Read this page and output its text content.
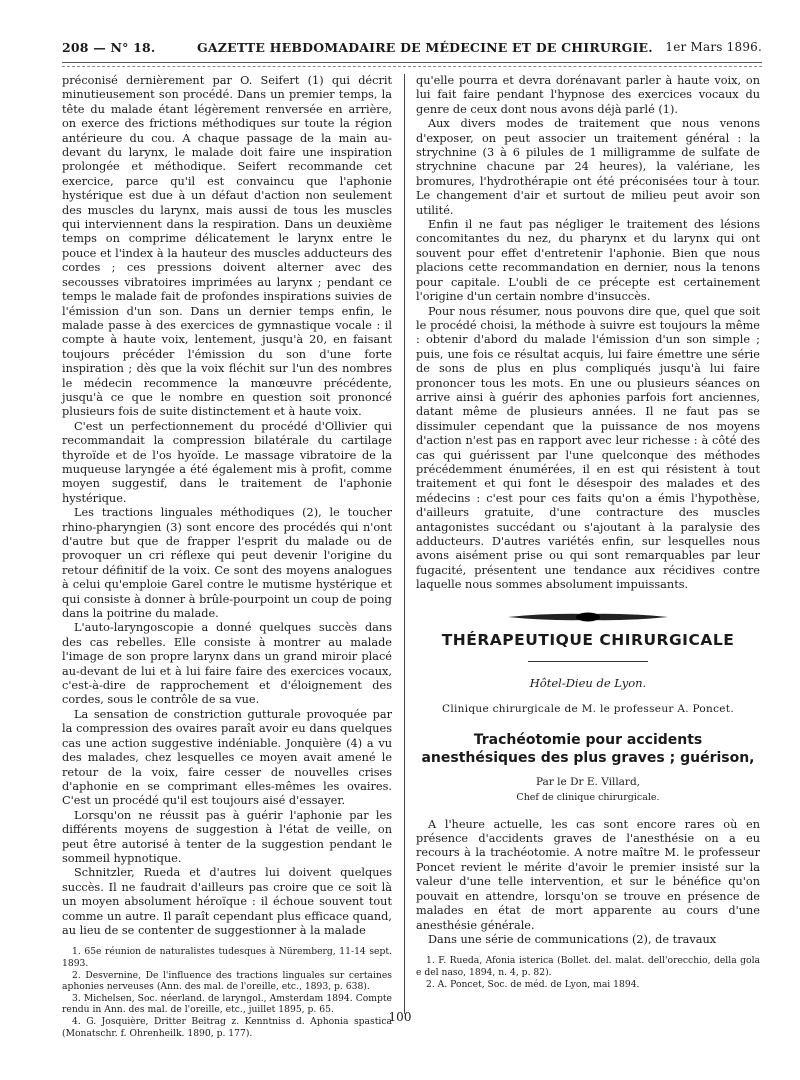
208 — N° 18.	GAZETTE HEBDOMADAIRE DE MÉDECINE ET DE CHIRURGIE. 1er Mars 1896.

préconisé dernièrement par O. Seifert (1) qui décrit minutieusement son procédé. Dans un premier temps, la tête du malade étant légèrement renversée en arrière, on exerce des frictions méthodiques sur toute la région antérieure du cou. A chaque passage de la main au-devant du larynx, le malade doit faire une inspiration prolongée et méthodique. Seifert recommande cet exercice, parce qu'il est convaincu que l'aphonie hystérique est due à un défaut d'action non seulement des muscles du larynx, mais aussi de tous les muscles qui interviennent dans la respiration. Dans un deuxième temps on comprime délicatement le larynx entre le pouce et l'index à la hauteur des muscles adducteurs des cordes ; ces pressions doivent alterner avec des secousses vibratoires imprimées au larynx ; pendant ce temps le malade fait de profondes inspirations suivies de l'émission d'un son. Dans un dernier temps enfin, le malade passe à des exercices de gymnastique vocale : il compte à haute voix, lentement, jusqu'à 20, en faisant toujours précéder l'émission du son d'une forte inspiration ; dès que la voix fléchit sur l'un des nombres le médecin recommence la manœuvre précédente, jusqu'à ce que le nombre en question soit prononcé plusieurs fois de suite distinctement et à haute voix.

C'est un perfectionnement du procédé d'Ollivier qui recommandait la compression bilatérale du cartilage thyroïde et de l'os hyoïde. Le massage vibratoire de la muqueuse laryngée a été également mis à profit, comme moyen suggestif, dans le traitement de l'aphonie hystérique.

Les tractions linguales méthodiques (2), le toucher rhino-pharyngien (3) sont encore des procédés qui n'ont d'autre but que de frapper l'esprit du malade ou de provoquer un cri réflexe qui peut devenir l'origine du retour définitif de la voix. Ce sont des moyens analogues à celui qu'emploie Garel contre le mutisme hystérique et qui consiste à donner à brûle-pourpoint un coup de poing dans la poitrine du malade.

L'auto-laryngoscopie a donné quelques succès dans des cas rebelles. Elle consiste à montrer au malade l'image de son propre larynx dans un grand miroir placé au-devant de lui et à lui faire faire des exercices vocaux, c'est-à-dire de rapprochement et d'éloignement des cordes, sous le contrôle de sa vue.

La sensation de constriction gutturale provoquée par la compression des ovaires paraît avoir eu dans quelques cas une action suggestive indéniable. Jonquière (4) a vu des malades, chez lesquelles ce moyen avait amené le retour de la voix, faire cesser de nouvelles crises d'aphonie en se comprimant elles-mêmes les ovaires. C'est un procédé qu'il est toujours aisé d'essayer.

Lorsqu'on ne réussit pas à guérir l'aphonie par les différents moyens de suggestion à l'état de veille, on peut être autorisé à tenter de la suggestion pendant le sommeil hypnotique.

Schnitzler, Rueda et d'autres lui doivent quelques succès. Il ne faudrait d'ailleurs pas croire que ce soit là un moyen absolument héroïque : il échoue souvent tout comme un autre. Il paraît cependant plus efficace quand, au lieu de se contenter de suggestionner à la malade

1. 65e réunion de naturalistes tudesques à Nüremberg, 11-14 sept. 1893.

2. Desvernine, De l'influence des tractions linguales sur certaines aphonies nerveuses (Ann. des mal. de l'oreille, etc., 1893, p. 638).

3. Michelsen, Soc. néerland. de laryngol., Amsterdam 1894. Compte rendu in Ann. des mal. de l'oreille, etc., juillet 1895, p. 65.

4. G. Josquière, Dritter Beitrag z. Kenntniss d. Aphonia spastica (Monatschr. f. Ohrenheilk. 1890, p. 177).

qu'elle pourra et devra dorénavant parler à haute voix, on lui fait faire pendant l'hypnose des exercices vocaux du genre de ceux dont nous avons déjà parlé (1).

Aux divers modes de traitement que nous venons d'exposer, on peut associer un traitement général : la strychnine (3 à 6 pilules de 1 milligramme de sulfate de strychnine chacune par 24 heures), la valériane, les bromures, l'hydrothérapie ont été préconisées tour à tour. Le changement d'air et surtout de milieu peut avoir son utilité.

Enfin il ne faut pas négliger le traitement des lésions concomitantes du nez, du pharynx et du larynx qui ont souvent pour effet d'entretenir l'aphonie. Bien que nous placions cette recommandation en dernier, nous la tenons pour capitale. L'oubli de ce précepte est certainement l'origine d'un certain nombre d'insuccès.

Pour nous résumer, nous pouvons dire que, quel que soit le procédé choisi, la méthode à suivre est toujours la même : obtenir d'abord du malade l'émission d'un son simple ; puis, une fois ce résultat acquis, lui faire émettre une série de sons de plus en plus compliqués jusqu'à lui faire prononcer tous les mots. En une ou plusieurs séances on arrive ainsi à guérir des aphonies parfois fort anciennes, datant même de plusieurs années. Il ne faut pas se dissimuler cependant que la puissance de nos moyens d'action n'est pas en rapport avec leur richesse : à côté des cas qui guérissent par l'une quelconque des méthodes précédemment énumérées, il en est qui résistent à tout traitement et qui font le désespoir des malades et des médecins : c'est pour ces faits qu'on a émis l'hypothèse, d'ailleurs gratuite, d'une contracture des muscles antagonistes succédant ou s'ajoutant à la paralysie des adducteurs. D'autres variétés enfin, sur lesquelles nous avons aisément prise ou qui sont remarquables par leur fugacité, présentent une tendance aux récidives contre laquelle nous sommes absolument impuissants.

THÉRAPEUTIQUE CHIRURGICALE
Hôtel-Dieu de Lyon.
Clinique chirurgicale de M. le professeur A. Poncet.
Trachéotomie pour accidents anesthésiques des plus graves ; guérison,
Par le Dr E. Villard,
Chef de clinique chirurgicale.

A l'heure actuelle, les cas sont encore rares où en présence d'accidents graves de l'anesthésie on a eu recours à la trachéotomie. A notre maître M. le professeur Poncet revient le mérite d'avoir le premier insisté sur la valeur d'une telle intervention, et sur le bénéfice qu'on pouvait en attendre, lorsqu'on se trouve en présence de malades en état de mort apparente au cours d'une anesthésie générale.

Dans une série de communications (2), de travaux

1. F. Rueda, Afonia isterica (Bollet. del. malat. dell'orecchio, della gola e del naso, 1894, n. 4, p. 82).

2. A. Poncet, Soc. de méd. de Lyon, mai 1894.

100
